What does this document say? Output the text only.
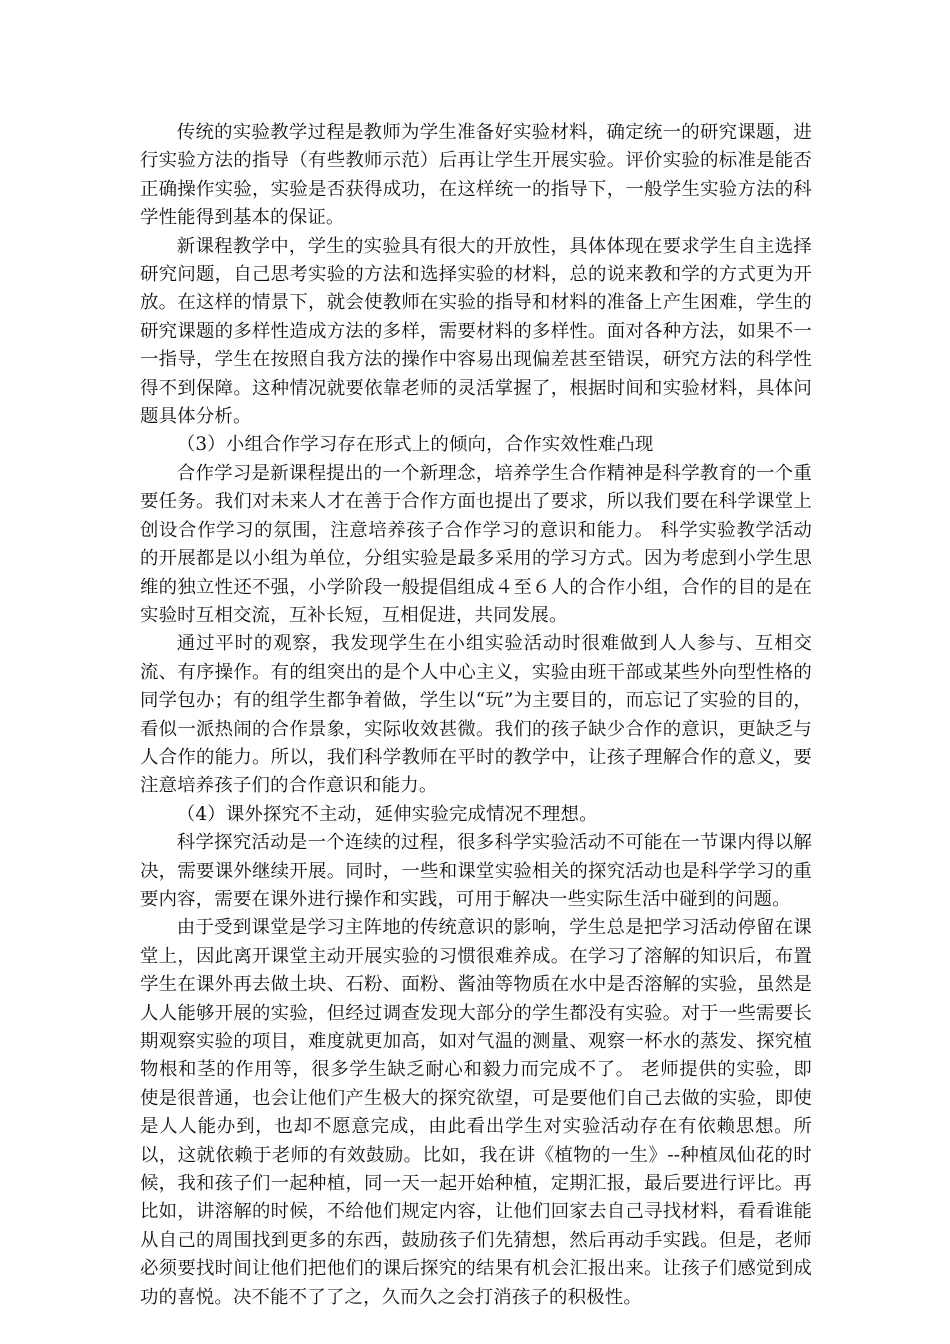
传统的实验教学过程是教师为学生准备好实验材料，确定统一的研究课题，进行实验方法的指导（有些教师示范）后再让学生开展实验。评价实验的标准是能否正确操作实验，实验是否获得成功，在这样统一的指导下，一般学生实验方法的科学性能得到基本的保证。

新课程教学中，学生的实验具有很大的开放性，具体体现在要求学生自主选择研究问题，自己思考实验的方法和选择实验的材料，总的说来教和学的方式更为开放。在这样的情景下，就会使教师在实验的指导和材料的准备上产生困难，学生的研究课题的多样性造成方法的多样，需要材料的多样性。面对各种方法，如果不一一指导，学生在按照自我方法的操作中容易出现偏差甚至错误，研究方法的科学性得不到保障。这种情况就要依靠老师的灵活掌握了，根据时间和实验材料，具体问题具体分析。

（3）小组合作学习存在形式上的倾向，合作实效性难凸现

合作学习是新课程提出的一个新理念，培养学生合作精神是科学教育的一个重要任务。我们对未来人才在善于合作方面也提出了要求，所以我们要在科学课堂上创设合作学习的氛围，注意培养孩子合作学习的意识和能力。 科学实验教学活动的开展都是以小组为单位，分组实验是最多采用的学习方式。因为考虑到小学生思维的独立性还不强，小学阶段一般提倡组成４至６人的合作小组，合作的目的是在实验时互相交流，互补长短，互相促进，共同发展。

通过平时的观察，我发现学生在小组实验活动时很难做到人人参与、互相交流、有序操作。有的组突出的是个人中心主义，实验由班干部或某些外向型性格的同学包办；有的组学生都争着做，学生以“玩”为主要目的，而忘记了实验的目的，看似一派热闹的合作景象，实际收效甚微。我们的孩子缺少合作的意识，更缺乏与人合作的能力。所以，我们科学教师在平时的教学中，让孩子理解合作的意义，要注意培养孩子们的合作意识和能力。

（4）课外探究不主动，延伸实验完成情况不理想。

科学探究活动是一个连续的过程，很多科学实验活动不可能在一节课内得以解决，需要课外继续开展。同时，一些和课堂实验相关的探究活动也是科学学习的重要内容，需要在课外进行操作和实践，可用于解决一些实际生活中碰到的问题。

由于受到课堂是学习主阵地的传统意识的影响，学生总是把学习活动停留在课堂上，因此离开课堂主动开展实验的习惯很难养成。在学习了溶解的知识后，布置学生在课外再去做土块、石粉、面粉、酱油等物质在水中是否溶解的实验，虽然是人人能够开展的实验，但经过调查发现大部分的学生都没有实验。对于一些需要长期观察实验的项目，难度就更加高，如对气温的测量、观察一杯水的蒸发、探究植物根和茎的作用等，很多学生缺乏耐心和毅力而完成不了。 老师提供的实验，即使是很普通，也会让他们产生极大的探究欲望，可是要他们自己去做的实验，即使是人人能办到，也却不愿意完成，由此看出学生对实验活动存在有依赖思想。所以，这就依赖于老师的有效鼓励。比如，我在讲《植物的一生》--种植凤仙花的时候，我和孩子们一起种植，同一天一起开始种植，定期汇报，最后要进行评比。再比如，讲溶解的时候，不给他们规定内容，让他们回家去自己寻找材料，看看谁能从自己的周围找到更多的东西，鼓励孩子们先猜想，然后再动手实践。但是，老师必须要找时间让他们把他们的课后探究的结果有机会汇报出来。让孩子们感觉到成功的喜悦。决不能不了了之，久而久之会打消孩子的积极性。
